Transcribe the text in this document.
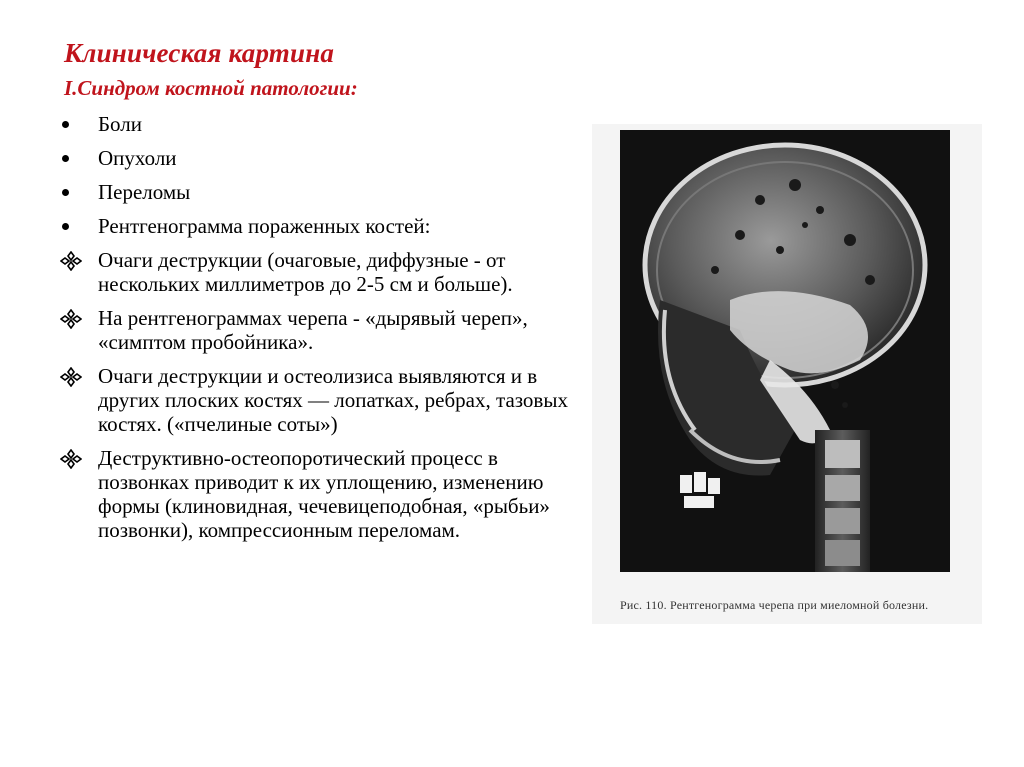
Клиническая картина
I.Синдром костной патологии:
Боли
Опухоли
Переломы
Рентгенограмма пораженных костей:
Очаги деструкции (очаговые, диффузные - от нескольких миллиметров до 2-5 см и больше).
На рентгенограммах черепа - «дырявый череп», «симптом пробойника».
Очаги деструкции и остеолизиса выявляются и в других плоских костях — лопатках, ребрах, тазовых костях. («пчелиные соты»)
Деструктивно-остеопоротический процесс в позвонках приводит к их уплощению, изменению формы (клиновидная, чечевицеподобная, «рыбьи» позвонки), компрессионным переломам.
Рис. 110. Рентгенограмма черепа при миеломной болезни.
